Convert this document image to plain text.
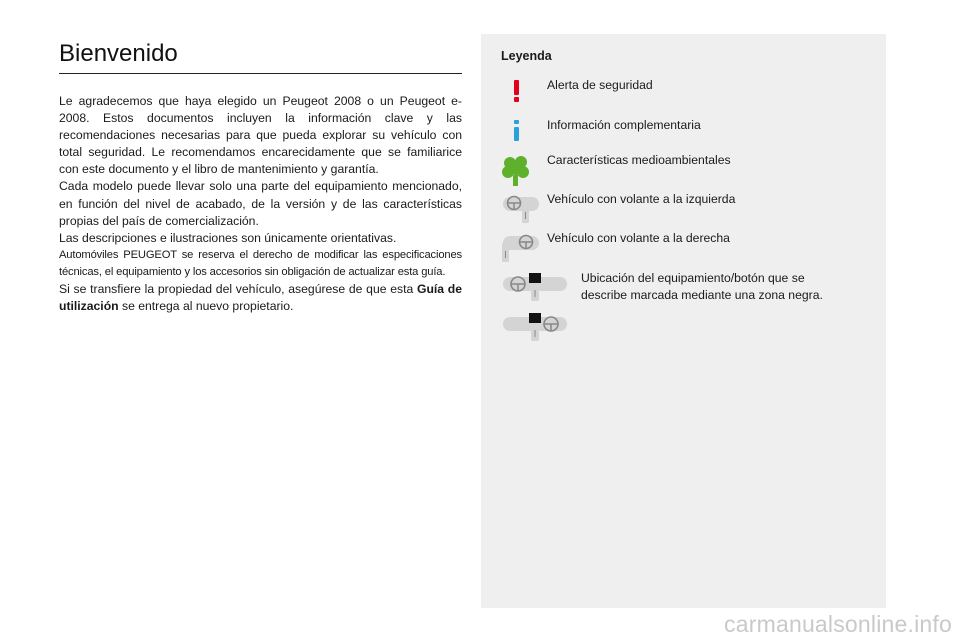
Bienvenido

Le agradecemos que haya elegido un Peugeot 2008 o un Peugeot e-2008. Estos documentos incluyen la información clave y las recomendaciones necesarias para que pueda explorar su vehículo con total seguridad. Le recomendamos encarecidamente que se familiarice con este documento y el libro de mantenimiento y garantía.

Cada modelo puede llevar solo una parte del equipamiento mencionado, en función del nivel de acabado, de la versión y de las características propias del país de comercialización.

Las descripciones e ilustraciones son únicamente orientativas.

Automóviles PEUGEOT se reserva el derecho de modificar las especificaciones técnicas, el equipamiento y los accesorios sin obligación de actualizar esta guía.

Si se transfiere la propiedad del vehículo, asegúrese de que esta Guía de utilización se entrega al nuevo propietario.

Leyenda
Alerta de seguridad
Información complementaria
Características medioambientales
Vehículo con volante a la izquierda
Vehículo con volante a la derecha
Ubicación del equipamiento/botón que se describe marcada mediante una zona negra.
carmanualsonline.info
